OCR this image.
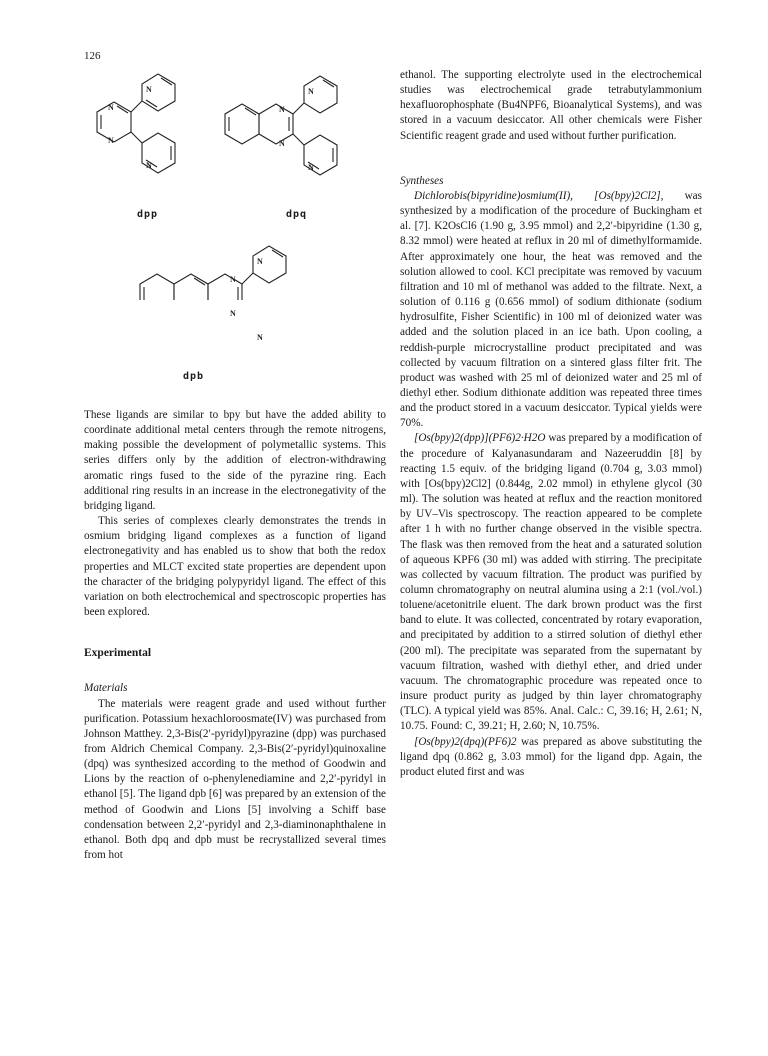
126
N
N
N
N
N
N
N
N
N
N
N
N
dpp	dpq
dpb

These ligands are similar to bpy but have the added ability to coordinate additional metal centers through the remote nitrogens, making possible the development of polymetallic systems. This series differs only by the addition of electron-withdrawing aromatic rings fused to the side of the pyrazine ring. Each additional ring results in an increase in the electronegativity of the bridging ligand.

This series of complexes clearly demonstrates the trends in osmium bridging ligand complexes as a function of ligand electronegativity and has enabled us to show that both the redox properties and MLCT excited state properties are dependent upon the character of the bridging polypyridyl ligand. The effect of this variation on both electrochemical and spectroscopic properties has been explored.

Experimental

Materials

The materials were reagent grade and used without further purification. Potassium hexachloroosmate(IV) was purchased from Johnson Matthey. 2,3-Bis(2′-pyridyl)pyrazine (dpp) was purchased from Aldrich Chemical Company. 2,3-Bis(2′-pyridyl)quinoxaline (dpq) was synthesized according to the method of Goodwin and Lions by the reaction of o-phenylenediamine and 2,2′-pyridyl in ethanol [5]. The ligand dpb [6] was prepared by an extension of the method of Goodwin and Lions [5] involving a Schiff base condensation between 2,2′-pyridyl and 2,3-diaminonaphthalene in ethanol. Both dpq and dpb must be recrystallized several times from hot

ethanol. The supporting electrolyte used in the electrochemical studies was electrochemical grade tetrabutylammonium hexafluorophosphate (Bu4NPF6, Bioanalytical Systems), and was stored in a vacuum desiccator. All other chemicals were Fisher Scientific reagent grade and used without further purification.

Syntheses

Dichlorobis(bipyridine)osmium(II), [Os(bpy)2Cl2], was synthesized by a modification of the procedure of Buckingham et al. [7]. K2OsCl6 (1.90 g, 3.95 mmol) and 2,2′-bipyridine (1.30 g, 8.32 mmol) were heated at reflux in 20 ml of dimethylformamide. After approximately one hour, the heat was removed and the solution allowed to cool. KCl precipitate was removed by vacuum filtration and 10 ml of methanol was added to the filtrate. Next, a solution of 0.116 g (0.656 mmol) of sodium dithionate (sodium hydrosulfite, Fisher Scientific) in 100 ml of deionized water was added and the solution placed in an ice bath. Upon cooling, a reddish-purple microcrystalline product precipitated and was collected by vacuum filtration on a sintered glass filter frit. The product was washed with 25 ml of deionized water and 25 ml of diethyl ether. Sodium dithionate addition was repeated three times and the product stored in a vacuum desiccator. Typical yields were 70%.

[Os(bpy)2(dpp)](PF6)2·H2O was prepared by a modification of the procedure of Kalyanasundaram and Nazeeruddin [8] by reacting 1.5 equiv. of the bridging ligand (0.704 g, 3.03 mmol) with [Os(bpy)2Cl2] (0.844g, 2.02 mmol) in ethylene glycol (30 ml). The solution was heated at reflux and the reaction monitored by UV–Vis spectroscopy. The reaction appeared to be complete after 1 h with no further change observed in the visible spectra. The flask was then removed from the heat and a saturated solution of aqueous KPF6 (30 ml) was added with stirring. The precipitate was collected by vacuum filtration. The product was purified by column chromatography on neutral alumina using a 2:1 (vol./vol.) toluene/acetonitrile eluent. The dark brown product was the first band to elute. It was collected, concentrated by rotary evaporation, and precipitated by addition to a stirred solution of diethyl ether (200 ml). The precipitate was separated from the supernatant by vacuum filtration, washed with diethyl ether, and dried under vacuum. The chromatographic procedure was repeated once to insure product purity as judged by thin layer chromatography (TLC). A typical yield was 85%. Anal. Calc.: C, 39.16; H, 2.61; N, 10.75. Found: C, 39.21; H, 2.60; N, 10.75%.

[Os(bpy)2(dpq)(PF6)2 was prepared as above substituting the ligand dpq (0.862 g, 3.03 mmol) for the ligand dpp. Again, the product eluted first and was
